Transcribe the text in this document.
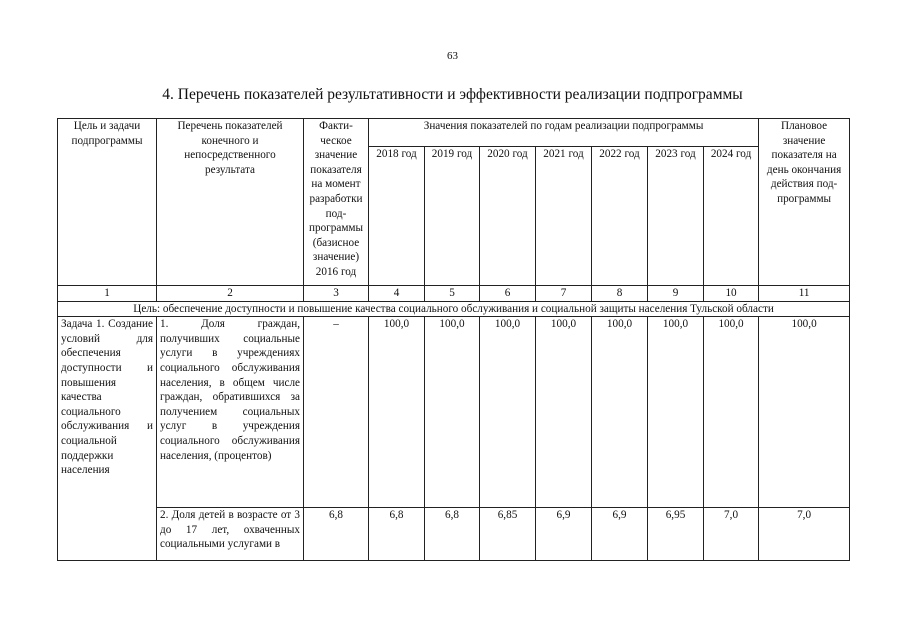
63
4. Перечень показателей результативности и эффективности реализации подпрограммы
Цель и задачи подпрограммы	Перечень показателей конечного и непосредственного результата	Факти-ческое значение показателя на момент разработки под-программы (базисное значение) 2016 год	Значения показателей по годам реализации подпрограммы							Плановое значение показателя на день окончания действия под-программы
			2018 год	2019 год	2020 год	2021 год	2022 год	2023 год	2024 год	
1	2	3	4	5	6	7	8	9	10	11
Цель: обеспечение доступности и повышение качества социального обслуживания и социальной защиты населения Тульской области										
Задача 1. Создание условий для обеспечения доступности и повышения качества социального обслуживания и социальной поддержки населения	1. Доля граждан, получивших социальные услуги в учреждениях социального обслуживания населения, в общем числе граждан, обратившихся за получением социальных услуг в учреждения социального обслуживания населения, (процентов)	–	100,0	100,0	100,0	100,0	100,0	100,0	100,0	100,0

	2. Доля детей в возрасте от 3 до 17 лет, охваченных социальными услугами в	6,8	6,8	6,8	6,85	6,9	6,9	6,95	7,0	7,0
